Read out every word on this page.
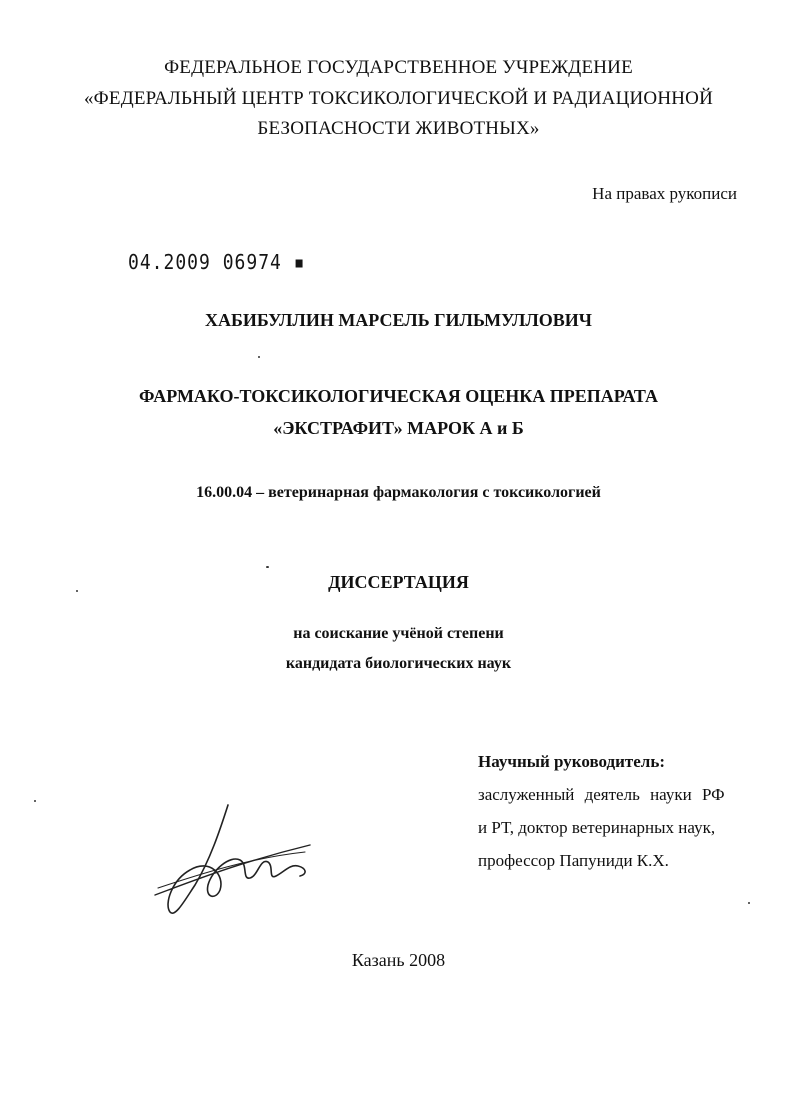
ФЕДЕРАЛЬНОЕ ГОСУДАРСТВЕННОЕ УЧРЕЖДЕНИЕ
«ФЕДЕРАЛЬНЫЙ ЦЕНТР ТОКСИКОЛОГИЧЕСКОЙ И РАДИАЦИОННОЙ
БЕЗОПАСНОСТИ ЖИВОТНЫХ»
На правах рукописи
04.2009 06974 ▪
ХАБИБУЛЛИН МАРСЕЛЬ ГИЛЬМУЛЛОВИЧ
ФАРМАКО-ТОКСИКОЛОГИЧЕСКАЯ ОЦЕНКА ПРЕПАРАТА
«ЭКСТРАФИТ» МАРОК А и Б
16.00.04 – ветеринарная фармакология с токсикологией
ДИССЕРТАЦИЯ
на соискание учёной степени
кандидата биологических наук
Научный руководитель:
заслуженный деятель науки РФ
и РТ, доктор ветеринарных наук,
профессор Папуниди К.Х.
Казань 2008
